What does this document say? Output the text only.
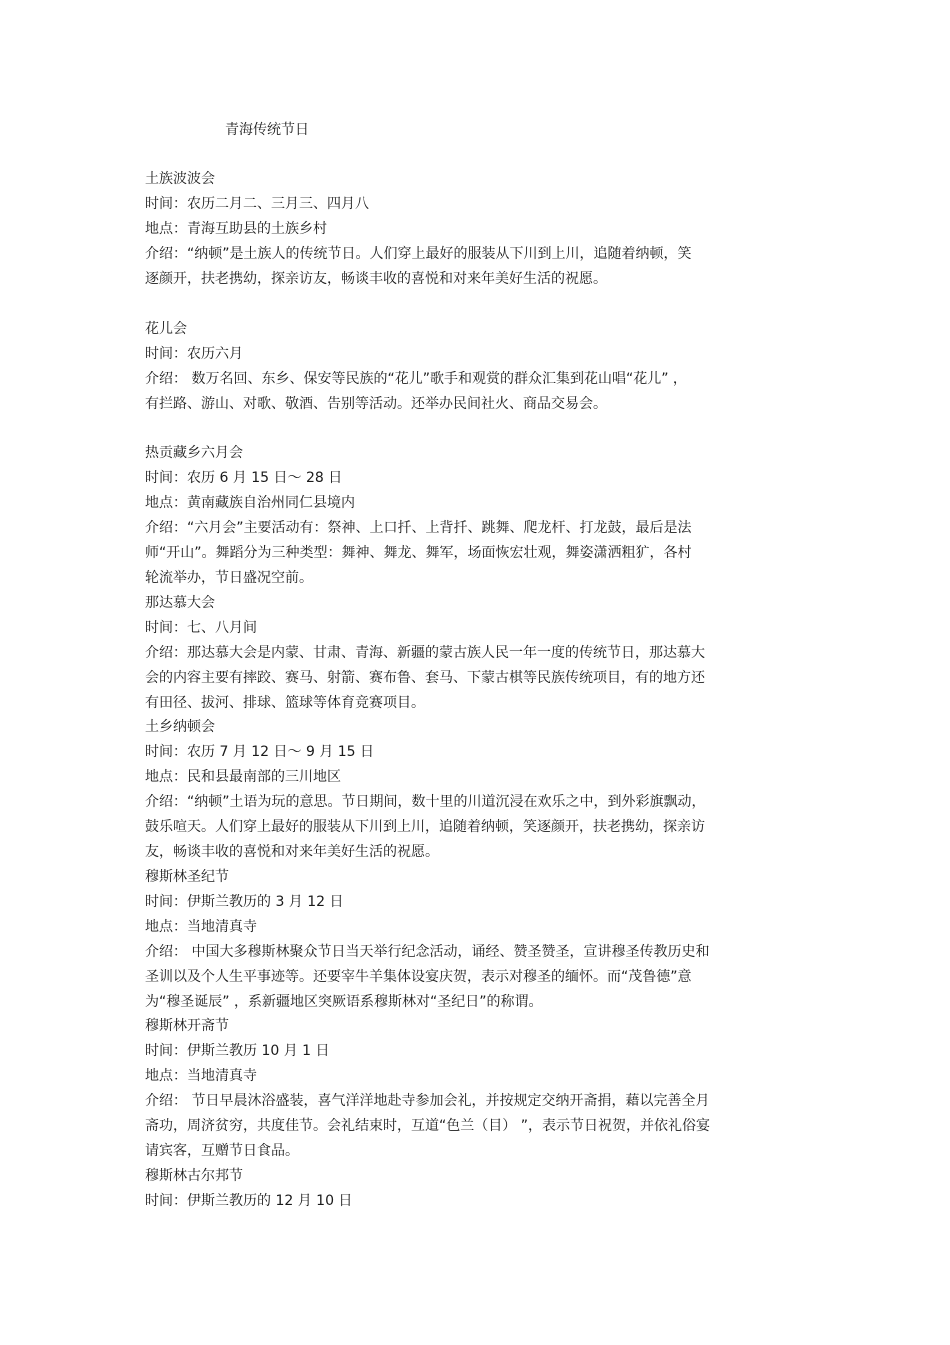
青海传统节日
土族波波会
时间：农历二月二、三月三、四月八
地点：青海互助县的土族乡村
介绍：“纳顿”是土族人的传统节日。人们穿上最好的服装从下川到上川，追随着纳顿，笑
逐颜开，扶老携幼，探亲访友，畅谈丰收的喜悦和对来年美好生活的祝愿。
花儿会
时间：农历六月
介绍： 数万名回、东乡、保安等民族的“花儿”歌手和观赏的群众汇集到花山唱“花儿” ，
有拦路、游山、对歌、敬酒、告别等活动。还举办民间社火、商品交易会。
热贡藏乡六月会
时间：农历 6 月 15 日～ 28 日
地点：黄南藏族自治州同仁县境内
介绍：“六月会”主要活动有：祭神、上口扦、上背扦、跳舞、爬龙杆、打龙鼓，最后是法
师“开山”。舞蹈分为三种类型：舞神、舞龙、舞军，场面恢宏壮观，舞姿潇洒粗犷，各村
轮流举办，节日盛况空前。
那达慕大会
时间：七、八月间
介绍：那达慕大会是内蒙、甘肃、青海、新疆的蒙古族人民一年一度的传统节日，那达慕大
会的内容主要有摔跤、赛马、射箭、赛布鲁、套马、下蒙古棋等民族传统项目，有的地方还
有田径、拔河、排球、篮球等体育竞赛项目。
土乡纳顿会
时间：农历 7 月 12 日～ 9 月 15 日
地点：民和县最南部的三川地区
介绍：“纳顿”土语为玩的意思。节日期间，数十里的川道沉浸在欢乐之中，到外彩旗飘动，
鼓乐喧天。人们穿上最好的服装从下川到上川，追随着纳顿，笑逐颜开，扶老携幼，探亲访
友，畅谈丰收的喜悦和对来年美好生活的祝愿。
穆斯林圣纪节
时间：伊斯兰教历的 3 月 12 日
地点：当地清真寺
介绍： 中国大多穆斯林聚众节日当天举行纪念活动，诵经、赞圣赞圣，宣讲穆圣传教历史和
圣训以及个人生平事迹等。还要宰牛羊集体设宴庆贺，表示对穆圣的缅怀。而“茂鲁德”意
为“穆圣诞辰” ，系新疆地区突厥语系穆斯林对“圣纪日”的称谓。
穆斯林开斋节
时间：伊斯兰教历 10 月 1 日
地点：当地清真寺
介绍： 节日早晨沐浴盛装，喜气洋洋地赴寺参加会礼，并按规定交纳开斋捐，藉以完善全月
斋功，周济贫穷，共度佳节。会礼结束时，互道“色兰（目） ”，表示节日祝贺，并依礼俗宴
请宾客，互赠节日食品。
穆斯林古尔邦节
时间：伊斯兰教历的 12 月 10 日
